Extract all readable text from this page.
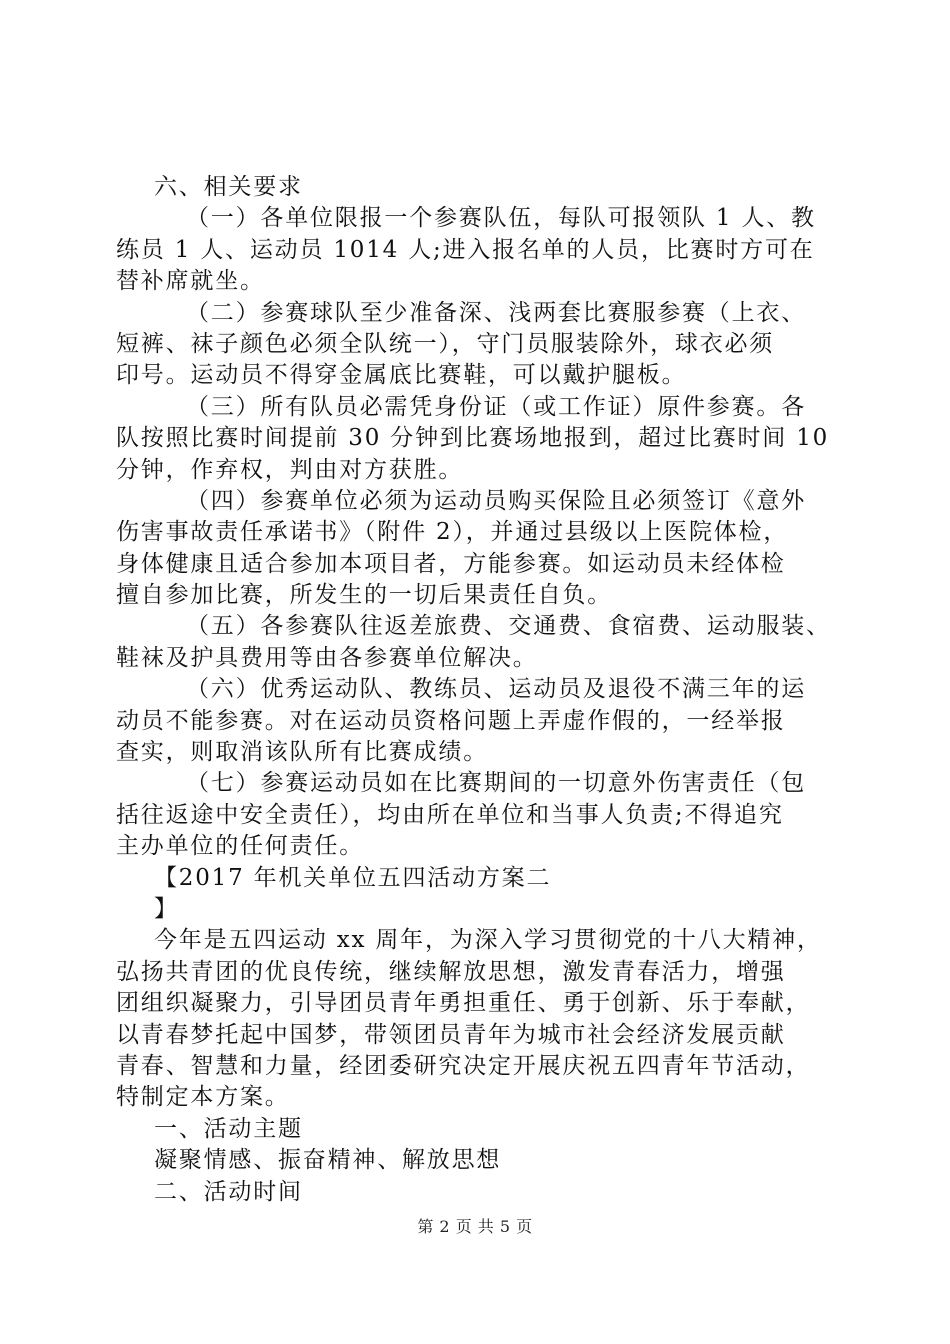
六、相关要求
（一）各单位限报一个参赛队伍，每队可报领队 1 人、教
练员 1 人、运动员 1014 人;进入报名单的人员，比赛时方可在
替补席就坐。
（二）参赛球队至少准备深、浅两套比赛服参赛（上衣、
短裤、袜子颜色必须全队统一），守门员服装除外，球衣必须
印号。运动员不得穿金属底比赛鞋，可以戴护腿板。
（三）所有队员必需凭身份证（或工作证）原件参赛。各
队按照比赛时间提前 30 分钟到比赛场地报到，超过比赛时间 10
分钟，作弃权，判由对方获胜。
（四）参赛单位必须为运动员购买保险且必须签订《意外
伤害事故责任承诺书》（附件 2），并通过县级以上医院体检，
身体健康且适合参加本项目者，方能参赛。如运动员未经体检
擅自参加比赛，所发生的一切后果责任自负。
（五）各参赛队往返差旅费、交通费、食宿费、运动服装、
鞋袜及护具费用等由各参赛单位解决。
（六）优秀运动队、教练员、运动员及退役不满三年的运
动员不能参赛。对在运动员资格问题上弄虚作假的，一经举报
查实，则取消该队所有比赛成绩。
（七）参赛运动员如在比赛期间的一切意外伤害责任（包
括往返途中安全责任），均由所在单位和当事人负责;不得追究
主办单位的任何责任。
【2017 年机关单位五四活动方案二
】
今年是五四运动 xx 周年，为深入学习贯彻党的十八大精神，
弘扬共青团的优良传统，继续解放思想，激发青春活力，增强
团组织凝聚力，引导团员青年勇担重任、勇于创新、乐于奉献，
以青春梦托起中国梦，带领团员青年为城市社会经济发展贡献
青春、智慧和力量，经团委研究决定开展庆祝五四青年节活动，
特制定本方案。
一、活动主题
凝聚情感、振奋精神、解放思想
二、活动时间
第 2 页 共 5 页
